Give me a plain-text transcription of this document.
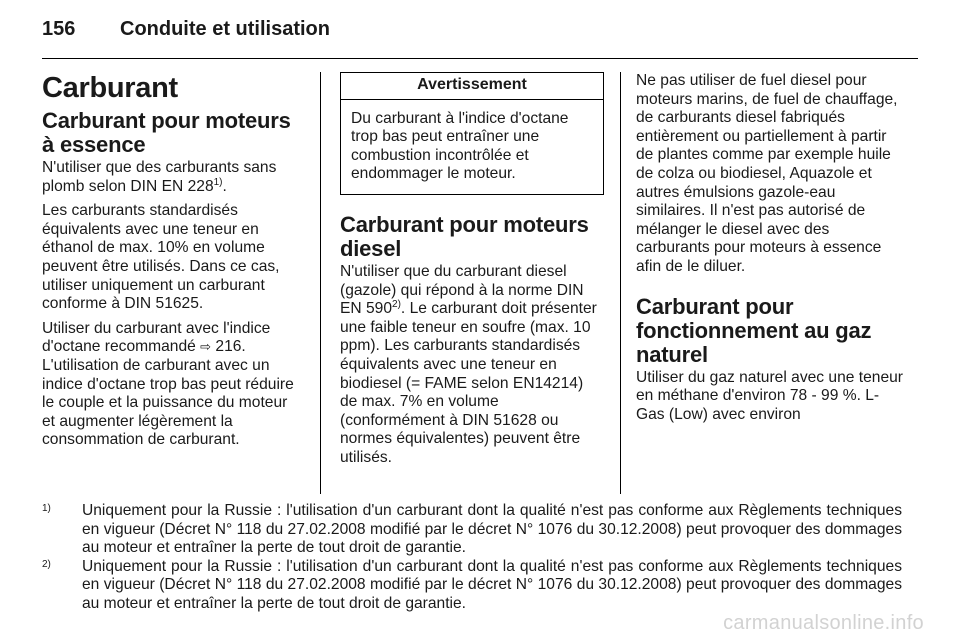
156	Conduite et utilisation
Carburant
Carburant pour moteurs à essence

N'utiliser que des carburants sans plomb selon DIN EN 228$^{1)}$.

Les carburants standardisés équivalents avec une teneur en éthanol de max. 10% en volume peuvent être utilisés. Dans ce cas, utiliser uniquement un carburant conforme à DIN 51625.

Utiliser du carburant avec l'indice d'octane recommandé ⇨ 216. L'utilisation de carburant avec un indice d'octane trop bas peut réduire le couple et la puissance du moteur et augmenter légèrement la consommation de carburant.

Avertissement
Du carburant à l'indice d'octane trop bas peut entraîner une combustion incontrôlée et endommager le moteur.
Carburant pour moteurs diesel

N'utiliser que du carburant diesel (gazole) qui répond à la norme DIN EN 590$^{2)}$. Le carburant doit présenter une faible teneur en soufre (max. 10 ppm). Les carburants standardisés équivalents avec une teneur en biodiesel (= FAME selon EN14214) de max. 7% en volume (conformément à DIN 51628 ou normes équivalentes) peuvent être utilisés.

Ne pas utiliser de fuel diesel pour moteurs marins, de fuel de chauffage, de carburants diesel fabriqués entièrement ou partiellement à partir de plantes comme par exemple huile de colza ou biodiesel, Aquazole et autres émulsions gazole-eau similaires. Il n'est pas autorisé de mélanger le diesel avec des carburants pour moteurs à essence afin de le diluer.

Carburant pour fonctionnement au gaz naturel

Utiliser du gaz naturel avec une teneur en méthane d'environ 78 - 99 %. L-Gas (Low) avec environ

1)	Uniquement pour la Russie : l'utilisation d'un carburant dont la qualité n'est pas conforme aux Règlements techniques en vigueur (Décret N° 118 du 27.02.2008 modifié par le décret N° 1076 du 30.12.2008) peut provoquer des dommages au moteur et entraîner la perte de tout droit de garantie.
2)	Uniquement pour la Russie : l'utilisation d'un carburant dont la qualité n'est pas conforme aux Règlements techniques en vigueur (Décret N° 118 du 27.02.2008 modifié par le décret N° 1076 du 30.12.2008) peut provoquer des dommages au moteur et entraîner la perte de tout droit de garantie.
carmanualsonline.info
